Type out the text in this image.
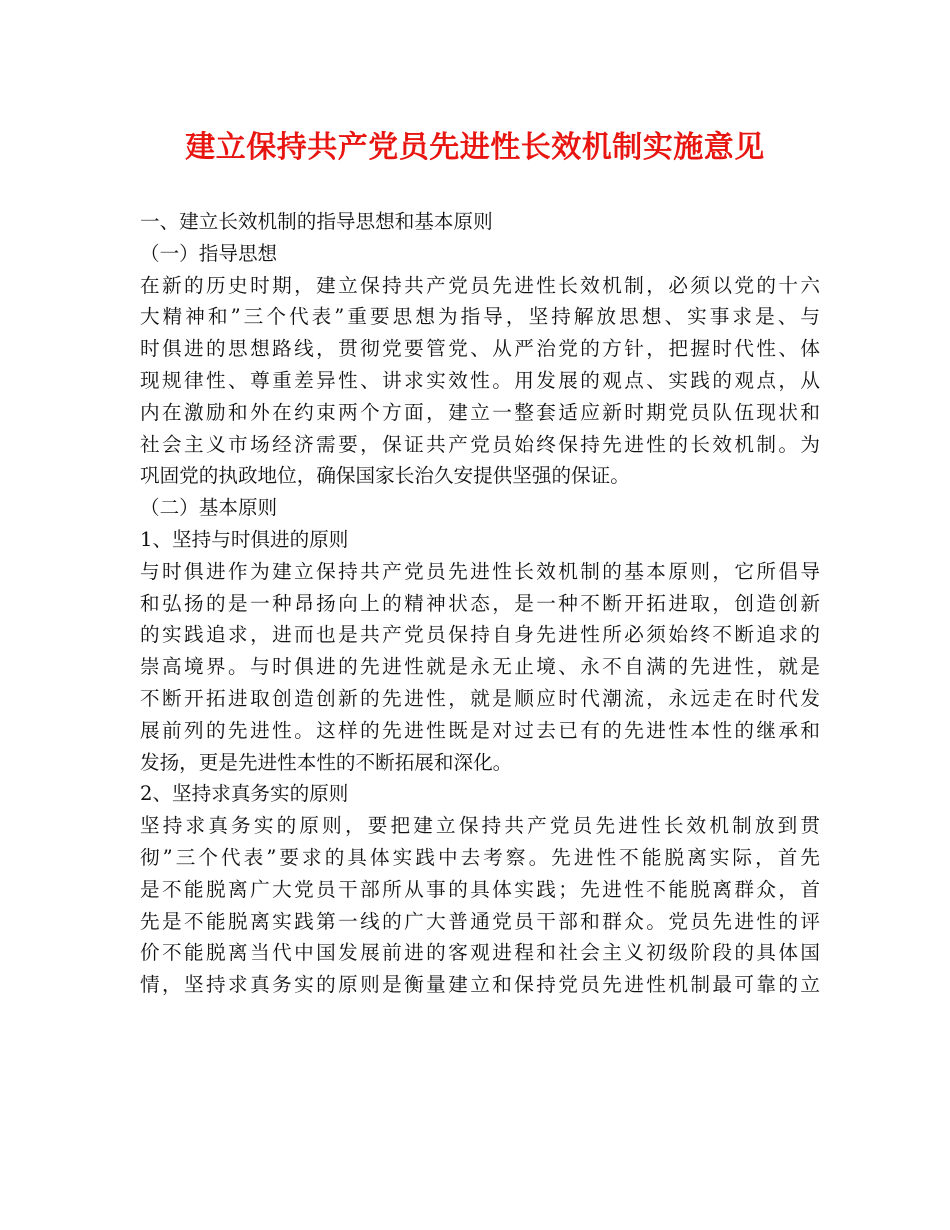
建立保持共产党员先进性长效机制实施意见
一、建立长效机制的指导思想和基本原则
（一）指导思想
在新的历史时期，建立保持共产党员先进性长效机制，必须以党的十六
大精神和”三个代表”重要思想为指导，坚持解放思想、实事求是、与
时俱进的思想路线，贯彻党要管党、从严治党的方针，把握时代性、体
现规律性、尊重差异性、讲求实效性。用发展的观点、实践的观点，从
内在激励和外在约束两个方面，建立一整套适应新时期党员队伍现状和
社会主义市场经济需要，保证共产党员始终保持先进性的长效机制。为
巩固党的执政地位，确保国家长治久安提供坚强的保证。
（二）基本原则
1、坚持与时俱进的原则
与时俱进作为建立保持共产党员先进性长效机制的基本原则，它所倡导
和弘扬的是一种昂扬向上的精神状态，是一种不断开拓进取，创造创新
的实践追求，进而也是共产党员保持自身先进性所必须始终不断追求的
崇高境界。与时俱进的先进性就是永无止境、永不自满的先进性，就是
不断开拓进取创造创新的先进性，就是顺应时代潮流，永远走在时代发
展前列的先进性。这样的先进性既是对过去已有的先进性本性的继承和
发扬，更是先进性本性的不断拓展和深化。
2、坚持求真务实的原则
坚持求真务实的原则，要把建立保持共产党员先进性长效机制放到贯
彻”三个代表”要求的具体实践中去考察。先进性不能脱离实际，首先
是不能脱离广大党员干部所从事的具体实践；先进性不能脱离群众，首
先是不能脱离实践第一线的广大普通党员干部和群众。党员先进性的评
价不能脱离当代中国发展前进的客观进程和社会主义初级阶段的具体国
情，坚持求真务实的原则是衡量建立和保持党员先进性机制最可靠的立
